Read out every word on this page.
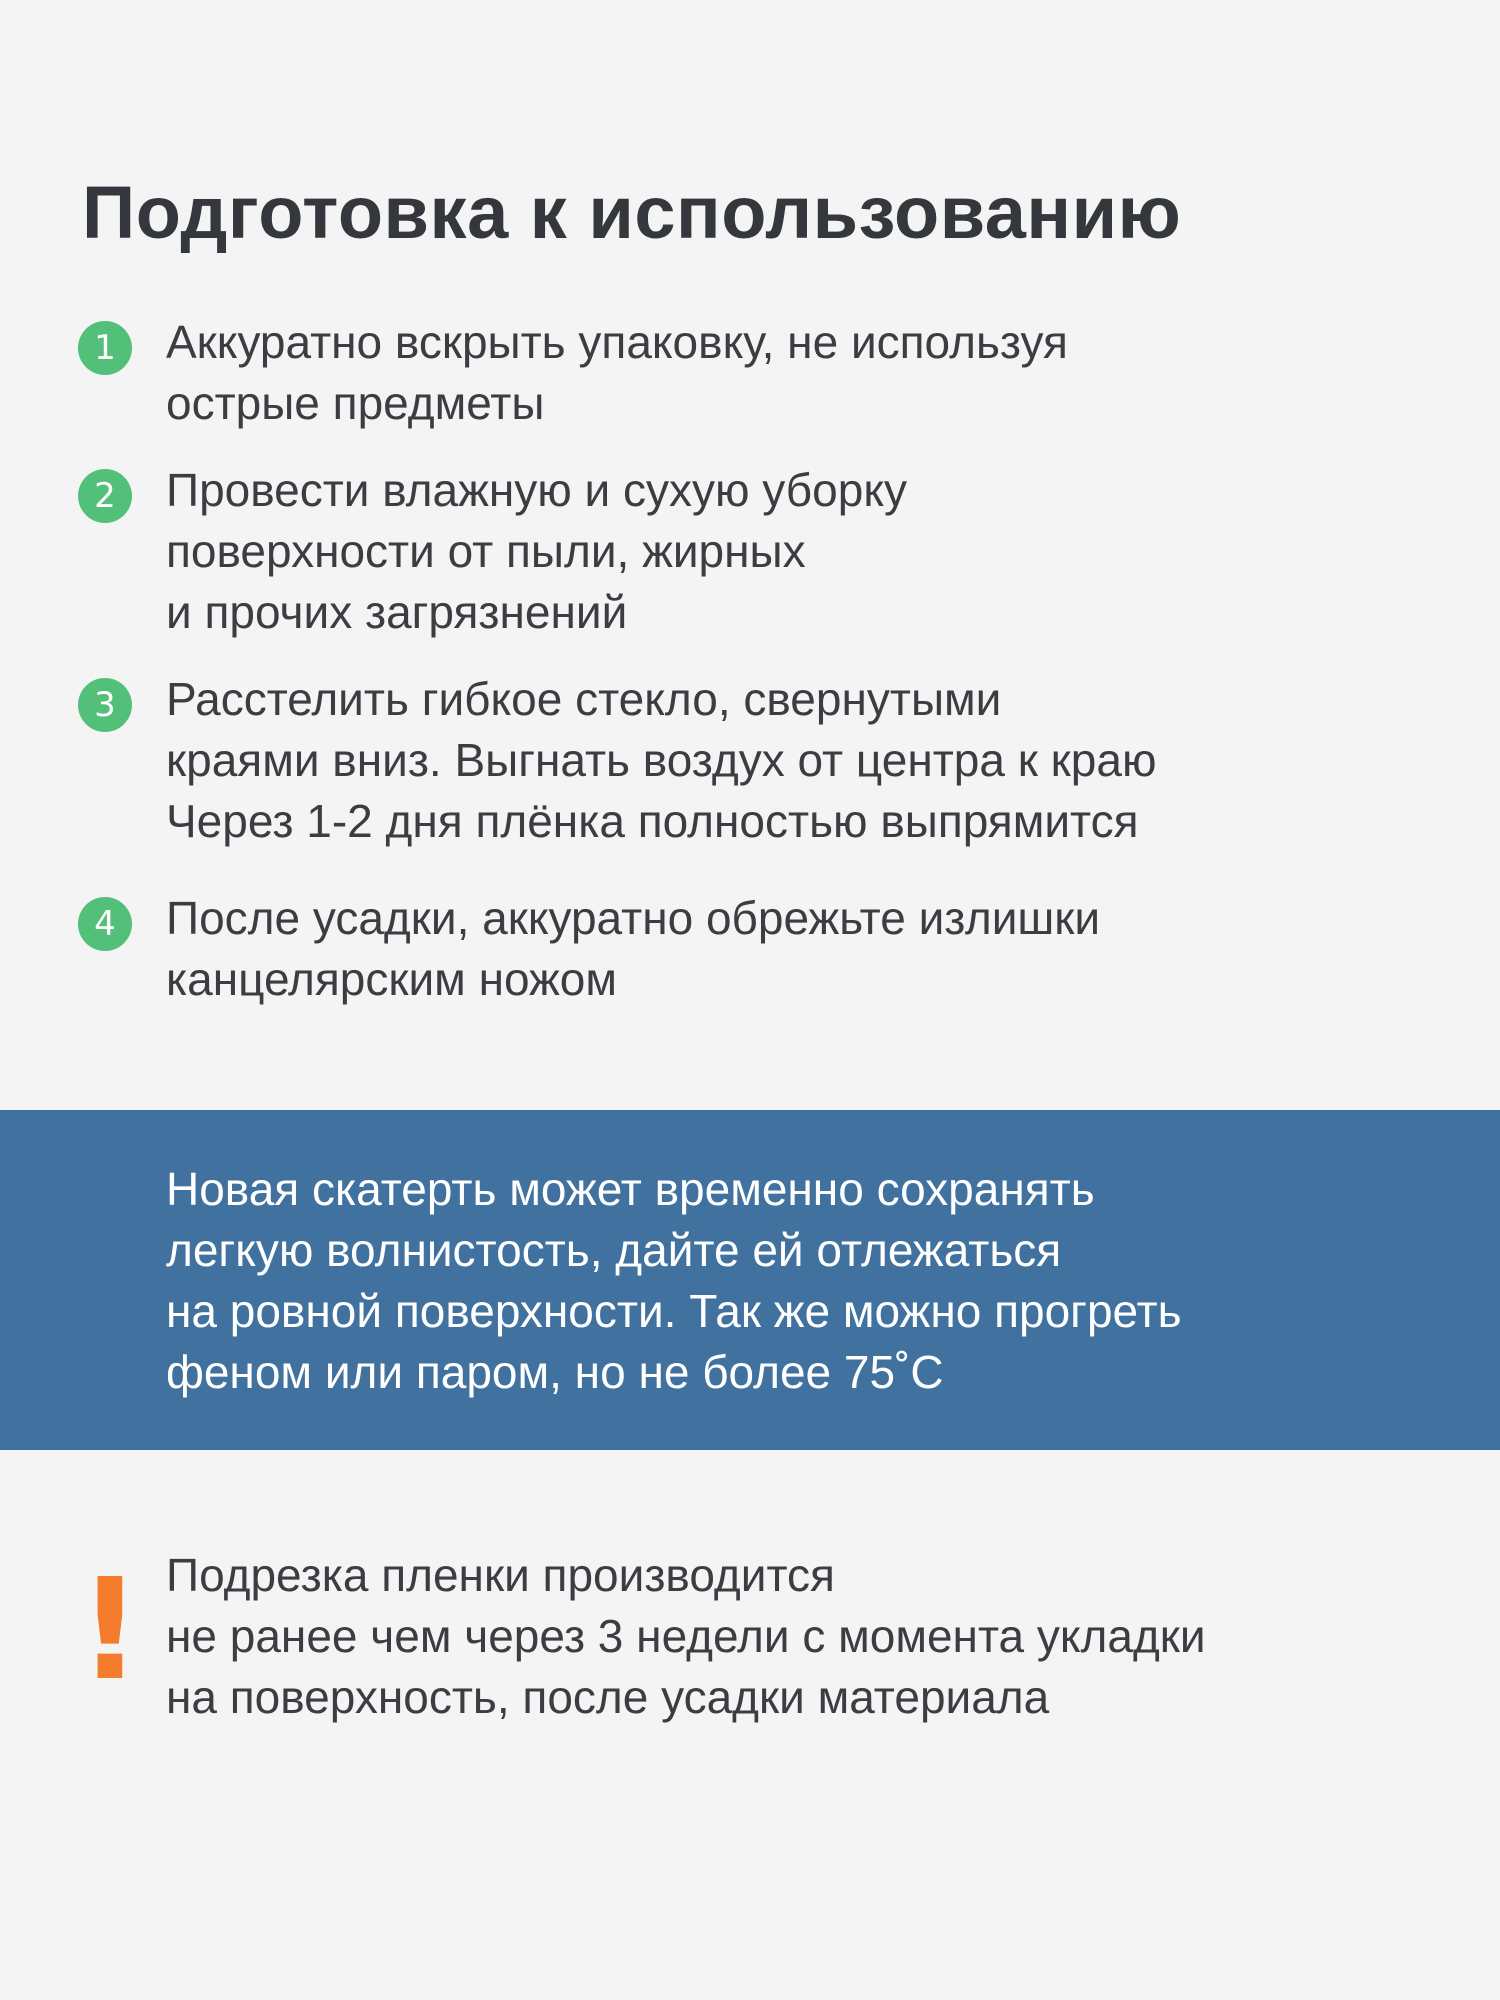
Подготовка к использованию
1	Аккуратно вскрыть упаковку, не используя
острые предметы
2	Провести влажную и сухую уборку
поверхности от пыли, жирных
и прочих загрязнений
3	Расстелить гибкое стекло, свернутыми
краями вниз. Выгнать воздух от центра к краю
Через 1-2 дня плёнка полностью выпрямится
4	После усадки, аккуратно обрежьте излишки
канцелярским ножом
Новая скатерть может временно сохранять
легкую волнистость, дайте ей отлежаться
на ровной поверхности. Так же можно прогреть
феном или паром, но не более 75˚С
! Подрезка пленки производится
не ранее чем через 3 недели с момента укладки
на поверхность, после усадки материала
